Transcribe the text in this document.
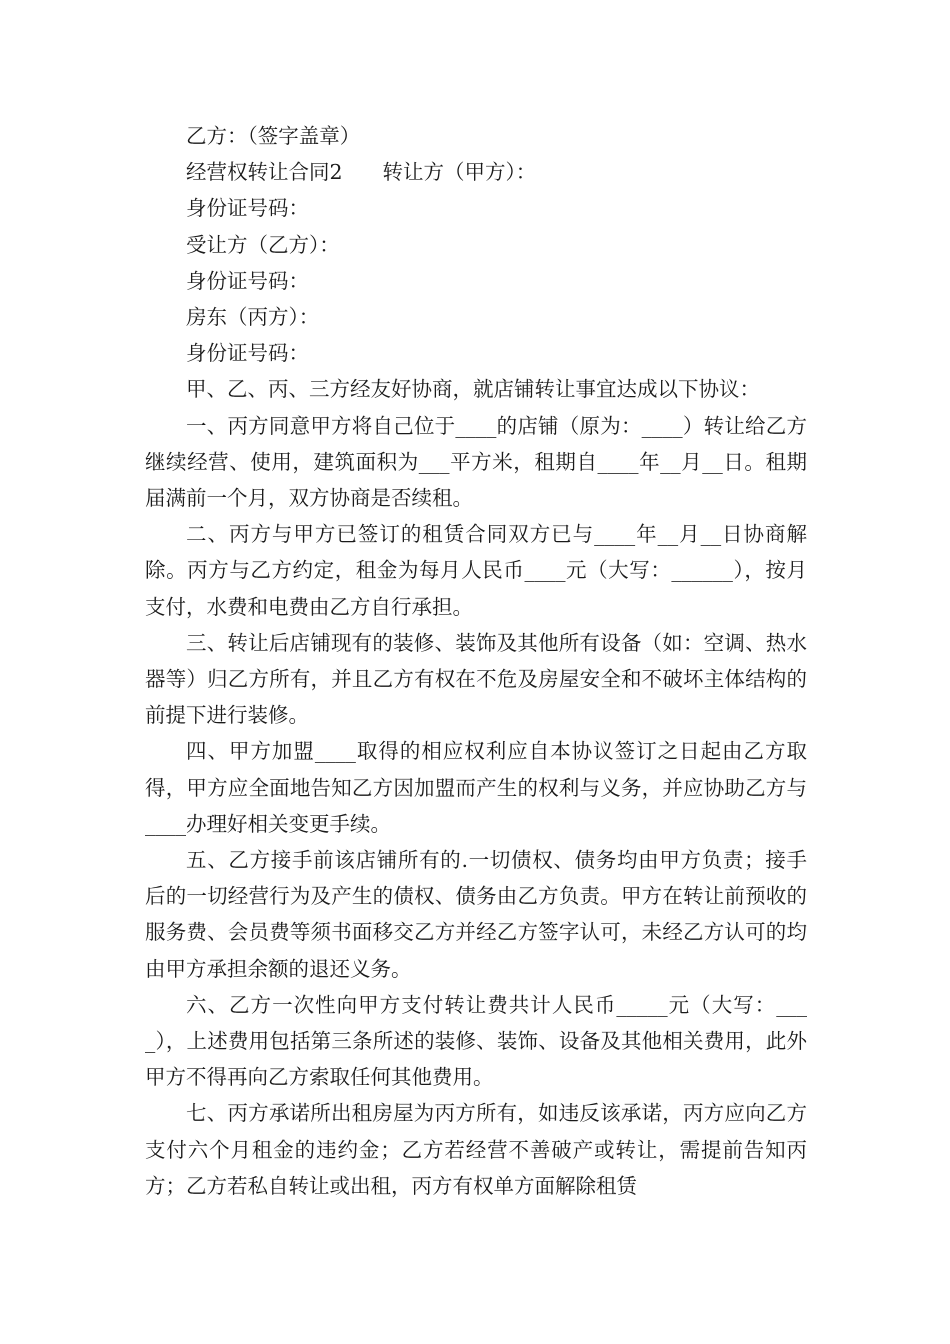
乙方：（签字盖章）

经营权转让合同2 转让方（甲方）：

身份证号码：

受让方（乙方）：

身份证号码：

房东（丙方）：

身份证号码：

甲、乙、丙、三方经友好协商，就店铺转让事宜达成以下协议：

一、丙方同意甲方将自己位于____的店铺（原为：____）转让给乙方继续经营、使用，建筑面积为___平方米，租期自____年__月__日。租期届满前一个月，双方协商是否续租。

二、丙方与甲方已签订的租赁合同双方已与____年__月__日协商解除。丙方与乙方约定，租金为每月人民币____元（大写：______），按月支付，水费和电费由乙方自行承担。

三、转让后店铺现有的装修、装饰及其他所有设备（如：空调、热水器等）归乙方所有，并且乙方有权在不危及房屋安全和不破坏主体结构的前提下进行装修。

四、甲方加盟____取得的相应权利应自本协议签订之日起由乙方取得，甲方应全面地告知乙方因加盟而产生的权利与义务，并应协助乙方与____办理好相关变更手续。

五、乙方接手前该店铺所有的.一切债权、债务均由甲方负责；接手后的一切经营行为及产生的债权、债务由乙方负责。甲方在转让前预收的服务费、会员费等须书面移交乙方并经乙方签字认可，未经乙方认可的均由甲方承担余额的退还义务。

六、乙方一次性向甲方支付转让费共计人民币_____元（大写：____），上述费用包括第三条所述的装修、装饰、设备及其他相关费用，此外甲方不得再向乙方索取任何其他费用。

七、丙方承诺所出租房屋为丙方所有，如违反该承诺，丙方应向乙方支付六个月租金的违约金；乙方若经营不善破产或转让，需提前告知丙方；乙方若私自转让或出租，丙方有权单方面解除租赁
